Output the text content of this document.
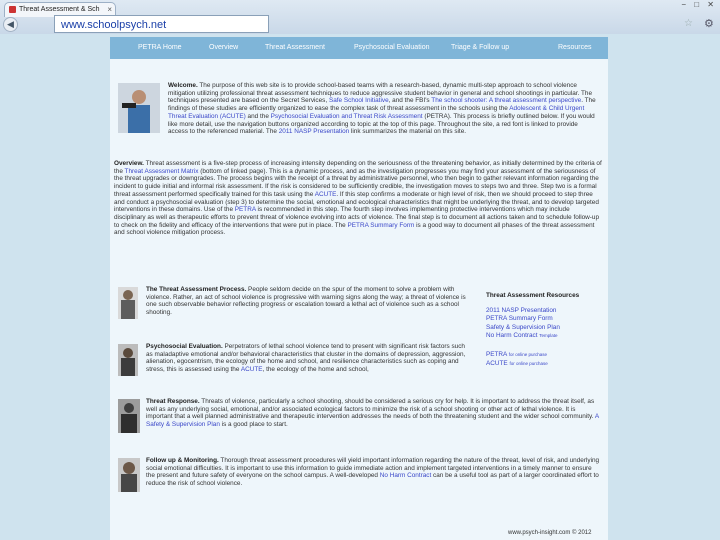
Threat Assessment & Sch ×
− □ ✕
◀	www.schoolpsych.net	☆ ⚙
PETRA Home	Overview	Threat Assessment	Psychosocial Evaluation	Triage & Follow up	Resources
Welcome. The purpose of this web site is to provide school-based teams with a research-based, dynamic multi-step approach to school violence mitigation utilizing professional threat assessment techniques to reduce aggressive student behavior in general and school shootings in particular. The techniques presented are based on the Secret Services, Safe School Initiative, and the FBI's The school shooter: A threat assessment perspective. The findings of these studies are efficiently organized to ease the complex task of threat assessment in the schools using the Adolescent & Child Urgent Threat Evaluation (ACUTE) and the Psychosocial Evaluation and Threat Risk Assessment (PETRA). This process is briefly outlined below. If you would like more detail, use the navigation buttons organized according to topic at the top of this page. Throughout the site, a red font is linked to provide access to the referenced material. The 2011 NASP Presentation link summarizes the material on this site.
Overview. Threat assessment is a five-step process of increasing intensity depending on the seriousness of the threatening behavior, as initially determined by the criteria of the Threat Assessment Matrix (bottom of linked page). This is a dynamic process, and as the investigation progresses you may find your assessment of the seriousness of the threat upgrades or downgrades. The process begins with the receipt of a threat by administrative personnel, who then begin to gather relevant information regarding the incident to guide initial and informal risk assessment. If the risk is considered to be sufficiently credible, the investigation moves to steps two and three. Step two is a formal threat assessment performed specifically trained for this task using the ACUTE. If this step confirms a moderate or high level of risk, then we should proceed to step three and conduct a psychosocial evaluation (step 3) to determine the social, emotional and ecological characteristics that might be underlying the threat, and to develop targeted interventions in these domains. Use of the PETRA is recommended in this step. The fourth step involves implementing protective interventions which may include disciplinary as well as therapeutic efforts to prevent threat of violence evolving into acts of violence. The final step is to document all actions taken and to schedule follow-up to check on the fidelity and efficacy of the interventions that were put in place. The PETRA Summary Form is a good way to document all phases of the threat assessment and school violence mitigation process.
The Threat Assessment Process. People seldom decide on the spur of the moment to solve a problem with violence. Rather, an act of school violence is progressive with warning signs along the way; a threat of violence is one such observable behavior reflecting progress or escalation toward a lethal act of violence such as a school shooting.
Threat Assessment Resources
2011 NASP Presentation
PETRA Summary Form
Safety & Supervision Plan
No Harm Contract Template
PETRA for online purchase
ACUTE for online purchase
Psychosocial Evaluation. Perpetrators of lethal school violence tend to present with significant risk factors such as maladaptive emotional and/or behavioral characteristics that cluster in the domains of depression, aggression, alienation, egocentrism, the ecology of the home and school, and resilience characteristics such as coping and stress, this is assessed using the ACUTE, the ecology of the home and school,
Threat Response. Threats of violence, particularly a school shooting, should be considered a serious cry for help. It is important to address the threat itself, as well as any underlying social, emotional, and/or associated ecological factors to minimize the risk of a school shooting or other act of lethal violence. It is important that a well planned administrative and therapeutic intervention addresses the needs of both the threatening student and the wider school community. A Safety & Supervision Plan is a good place to start.
Follow up & Monitoring. Thorough threat assessment procedures will yield important information regarding the nature of the threat, level of risk, and underlying social emotional difficulties. It is important to use this information to guide immediate action and implement targeted interventions in a timely manner to ensure the present and future safety of everyone on the school campus. A well-developed No Harm Contract can be a useful tool as part of a larger coordinated effort to reduce the risk of school violence.
www.psych-insight.com © 2012
